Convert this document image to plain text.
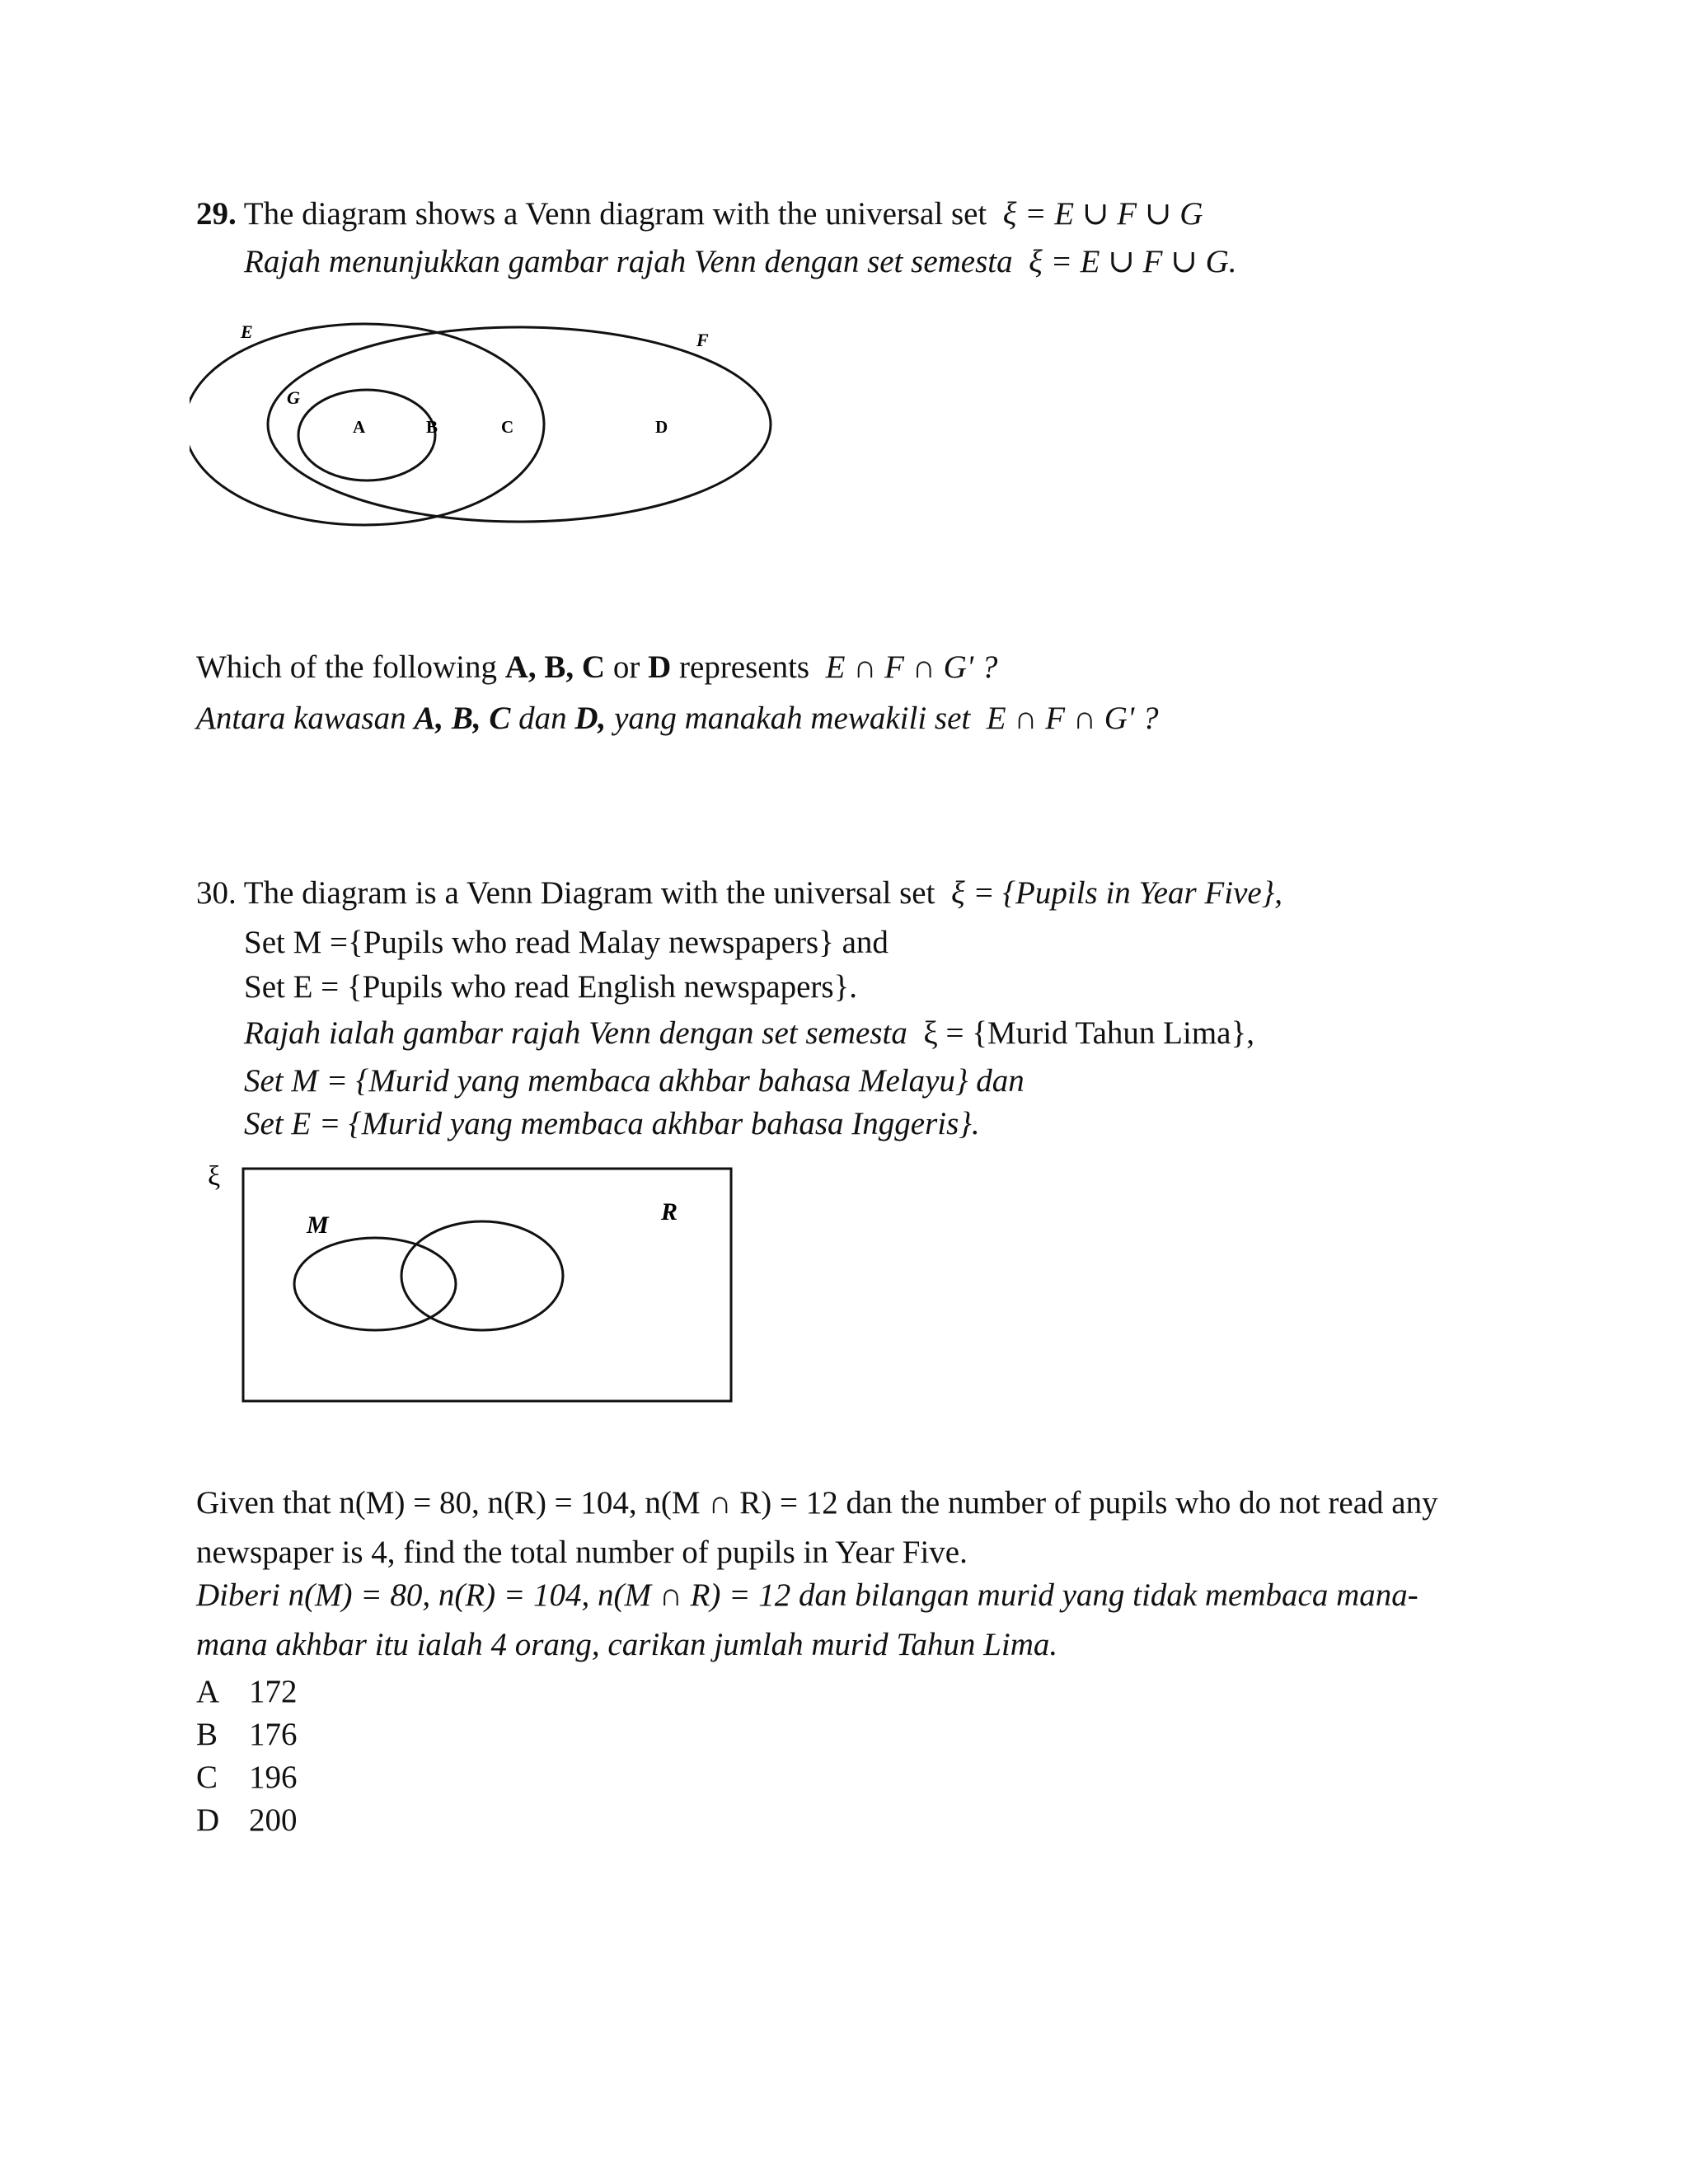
29. The diagram shows a Venn diagram with the universal set ξ = E ∪ F ∪ G
Rajah menunjukkan gambar rajah Venn dengan set semesta ξ = E ∪ F ∪ G.
E	F
G
A	B	C	D
Which of the following A, B, C or D represents E ∩ F ∩ G' ?
Antara kawasan A, B, C dan D, yang manakah mewakili set E ∩ F ∩ G' ?
30. The diagram is a Venn Diagram with the universal set ξ = {Pupils in Year Five},
Set M ={Pupils who read Malay newspapers} and
Set E = {Pupils who read English newspapers}.
Rajah ialah gambar rajah Venn dengan set semesta ξ = {Murid Tahun Lima},
Set M = {Murid yang membaca akhbar bahasa Melayu} dan
Set E = {Murid yang membaca akhbar bahasa Inggeris}.
ξ
M	R
Given that n(M) = 80, n(R) = 104, n(M ∩ R) = 12 dan the number of pupils who do not read any
newspaper is 4, find the total number of pupils in Year Five.
Diberi n(M) = 80, n(R) = 104, n(M ∩ R) = 12 dan bilangan murid yang tidak membaca mana-
mana akhbar itu ialah 4 orang, carikan jumlah murid Tahun Lima.
A 172
B 176
C 196
D 200
